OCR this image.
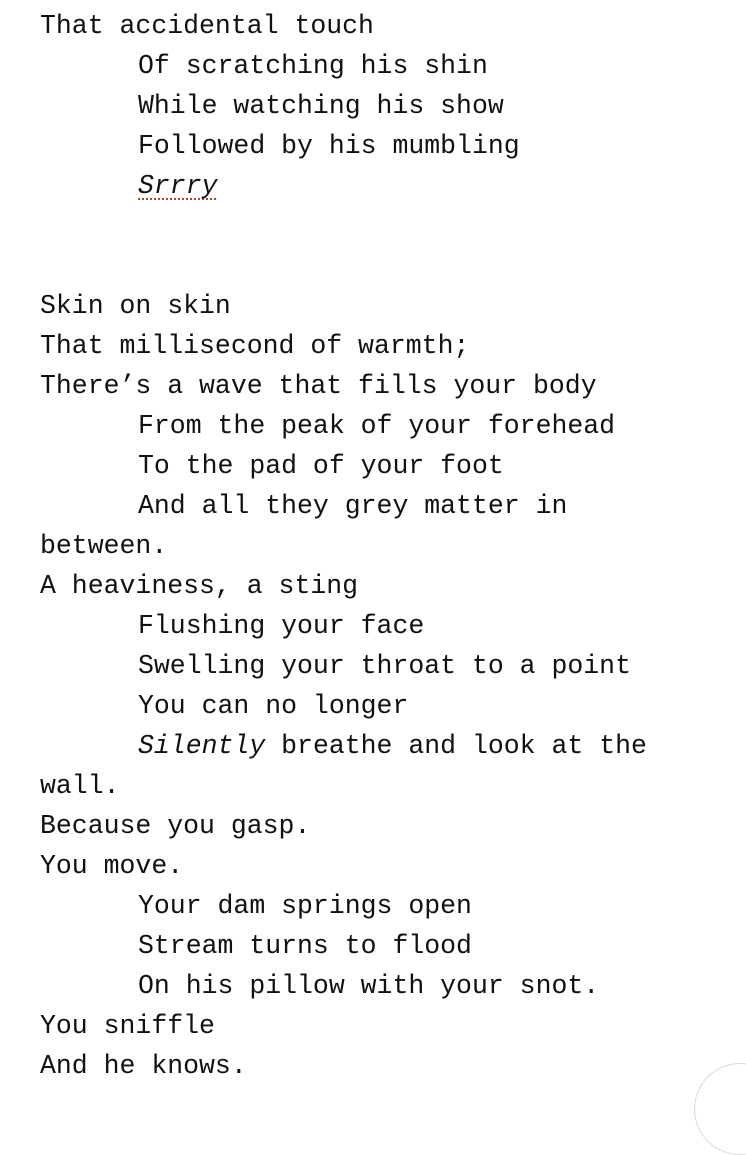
That accidental touch
Of scratching his shin
While watching his show
Followed by his mumbling
Srrry
Skin on skin
That millisecond of warmth;
There’s a wave that fills your body
From the peak of your forehead
To the pad of your foot
And all they grey matter in
between.
A heaviness, a sting
Flushing your face
Swelling your throat to a point
You can no longer
Silently breathe and look at the
wall.
Because you gasp.
You move.
Your dam springs open
Stream turns to flood
On his pillow with your snot.
You sniffle
And he knows.
